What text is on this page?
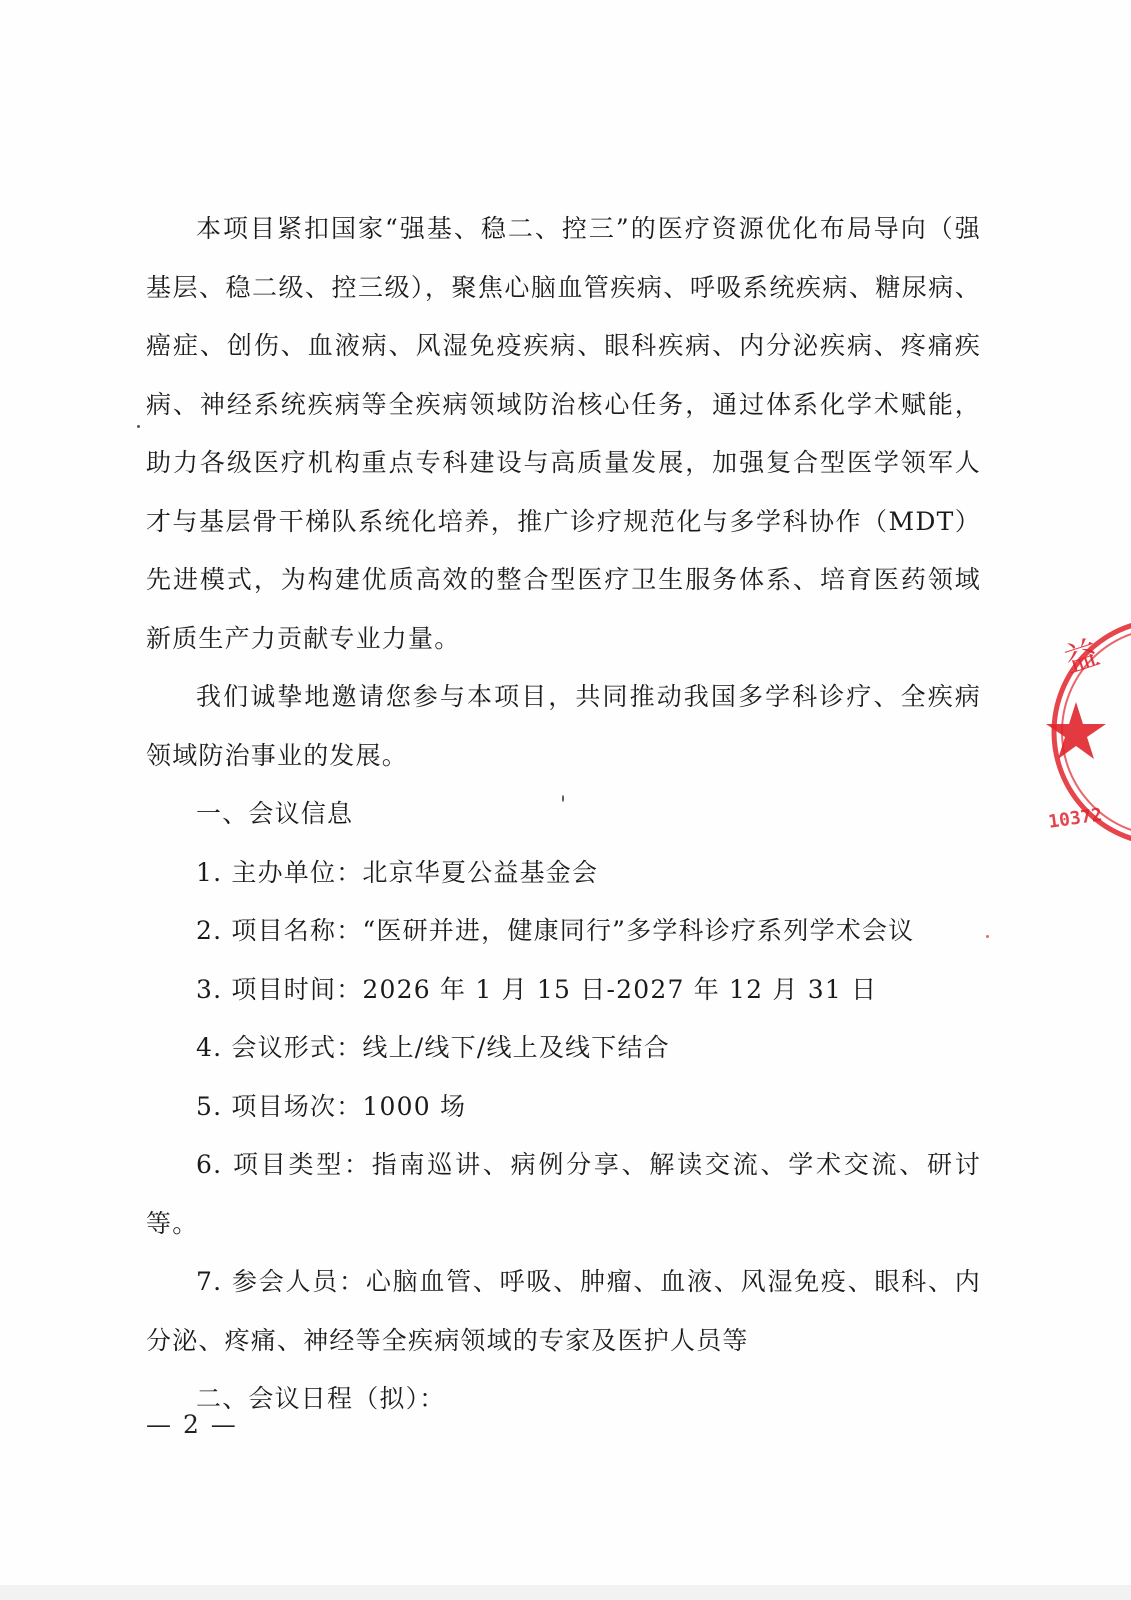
本项目紧扣国家“强基、稳二、控三”的医疗资源优化布局导向（强基层、稳二级、控三级），聚焦心脑血管疾病、呼吸系统疾病、糖尿病、癌症、创伤、血液病、风湿免疫疾病、眼科疾病、内分泌疾病、疼痛疾病、神经系统疾病等全疾病领域防治核心任务，通过体系化学术赋能，助力各级医疗机构重点专科建设与高质量发展，加强复合型医学领军人才与基层骨干梯队系统化培养，推广诊疗规范化与多学科协作（MDT）先进模式，为构建优质高效的整合型医疗卫生服务体系、培育医药领域新质生产力贡献专业力量。

我们诚挚地邀请您参与本项目，共同推动我国多学科诊疗、全疾病领域防治事业的发展。

一、会议信息

1. 主办单位：北京华夏公益基金会

2. 项目名称：“医研并进，健康同行”多学科诊疗系列学术会议

3. 项目时间：2026 年 1 月 15 日-2027 年 12 月 31 日

4. 会议形式：线上/线下/线上及线下结合

5. 项目场次：1000 场

6. 项目类型：指南巡讲、病例分享、解读交流、学术交流、研讨等。

7. 参会人员：心脑血管、呼吸、肿瘤、血液、风湿免疫、眼科、内分泌、疼痛、神经等全疾病领域的专家及医护人员等

二、会议日程（拟）：

— 2 —
益
10372
